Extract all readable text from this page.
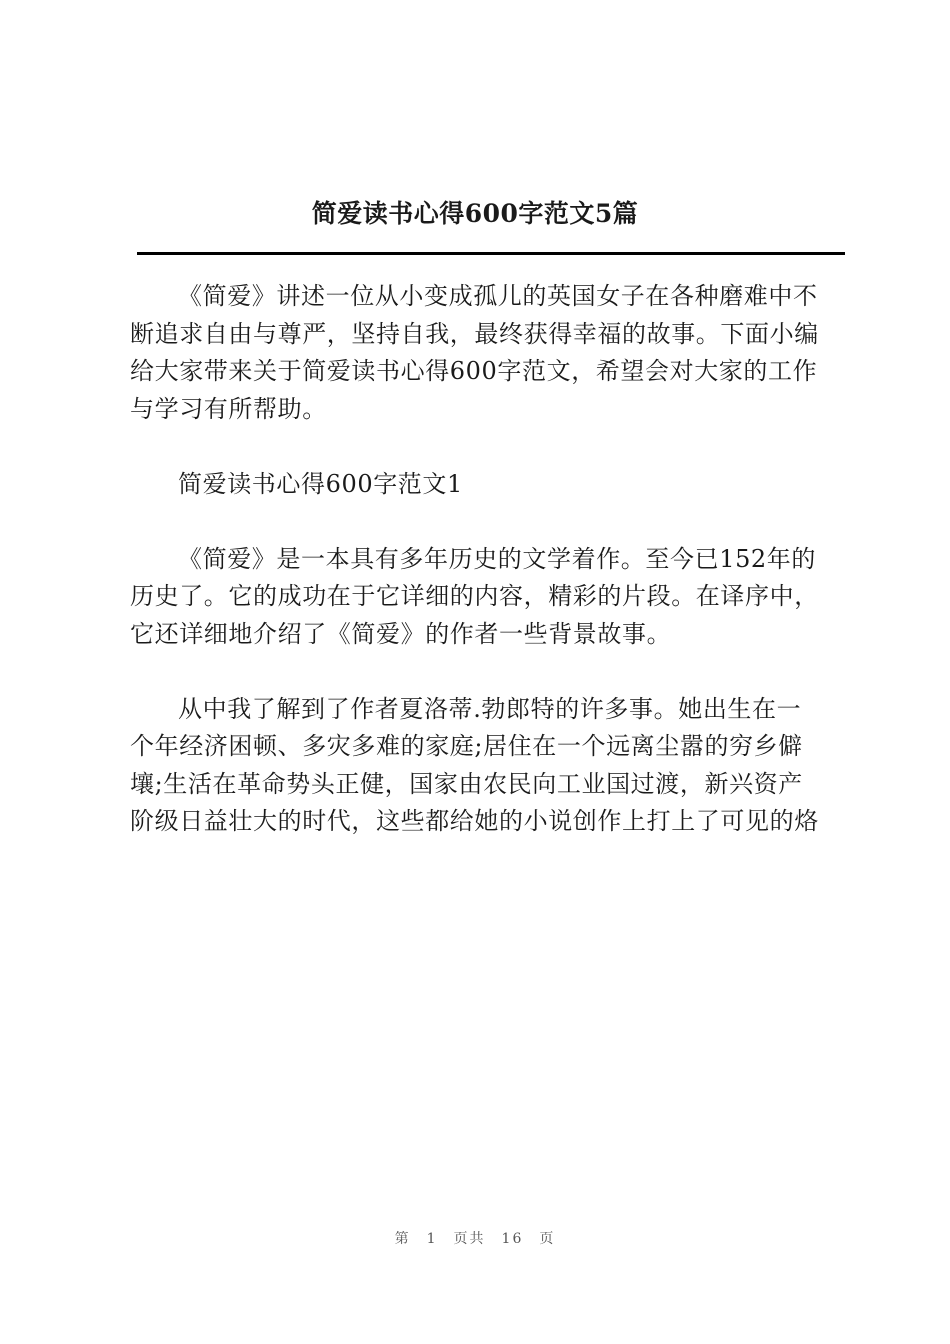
简爱读书心得600字范文5篇

《简爱》讲述一位从小变成孤儿的英国女子在各种磨难中不
断追求自由与尊严，坚持自我，最终获得幸福的故事。下面小编
给大家带来关于简爱读书心得600字范文，希望会对大家的工作
与学习有所帮助。

简爱读书心得600字范文1

《简爱》是一本具有多年历史的文学着作。至今已152年的
历史了。它的成功在于它详细的内容，精彩的片段。在译序中，
它还详细地介绍了《简爱》的作者一些背景故事。

从中我了解到了作者夏洛蒂.勃郎特的许多事。她出生在一
个年经济困顿、多灾多难的家庭;居住在一个远离尘嚣的穷乡僻
壤;生活在革命势头正健，国家由农民向工业国过渡，新兴资产
阶级日益壮大的时代，这些都给她的小说创作上打上了可见的烙

第 1 页共 16 页
